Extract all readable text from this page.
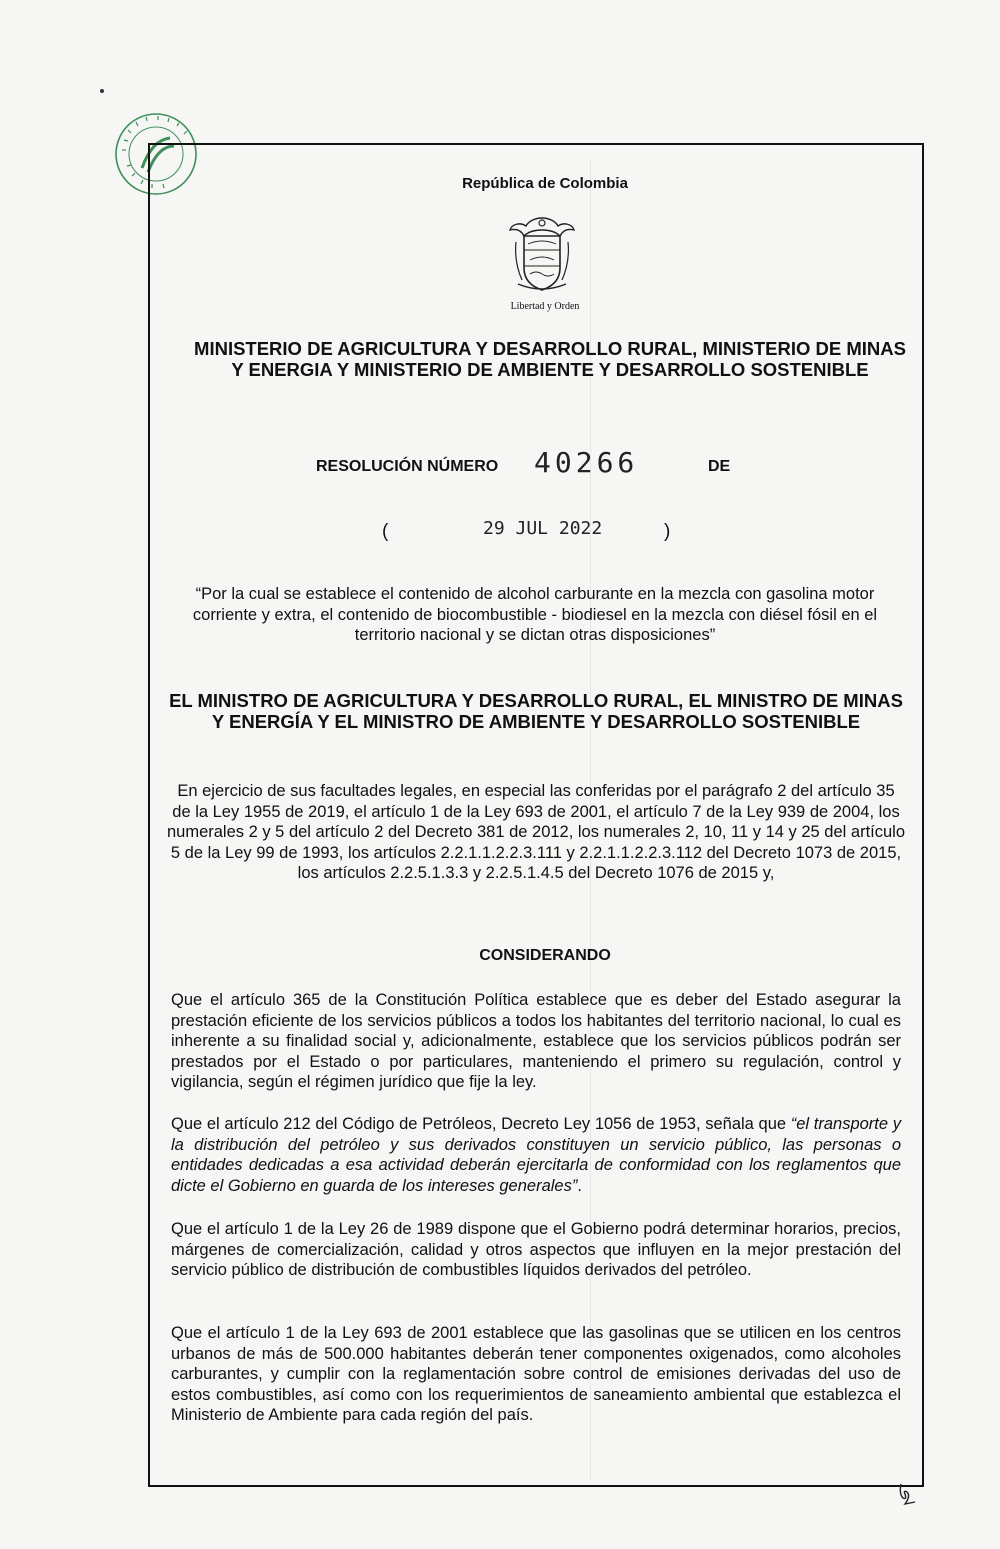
República de Colombia
Libertad y Orden
MINISTERIO DE AGRICULTURA Y DESARROLLO RURAL, MINISTERIO DE MINAS Y ENERGIA Y MINISTERIO DE AMBIENTE Y DESARROLLO SOSTENIBLE
RESOLUCIÓN NÚMERO 40266	DE
(	29 JUL 2022	)
“Por la cual se establece el contenido de alcohol carburante en la mezcla con gasolina motor corriente y extra, el contenido de biocombustible - biodiesel en la mezcla con diésel fósil en el territorio nacional y se dictan otras disposiciones”
EL MINISTRO DE AGRICULTURA Y DESARROLLO RURAL, EL MINISTRO DE MINAS Y ENERGÍA Y EL MINISTRO DE AMBIENTE Y DESARROLLO SOSTENIBLE
En ejercicio de sus facultades legales, en especial las conferidas por el parágrafo 2 del artículo 35 de la Ley 1955 de 2019, el artículo 1 de la Ley 693 de 2001, el artículo 7 de la Ley 939 de 2004, los numerales 2 y 5 del artículo 2 del Decreto 381 de 2012, los numerales 2, 10, 11 y 14 y 25 del artículo 5 de la Ley 99 de 1993, los artículos 2.2.1.1.2.2.3.111 y 2.2.1.1.2.2.3.112 del Decreto 1073 de 2015, los artículos 2.2.5.1.3.3 y 2.2.5.1.4.5 del Decreto 1076 de 2015 y,
CONSIDERANDO
Que el artículo 365 de la Constitución Política establece que es deber del Estado asegurar la prestación eficiente de los servicios públicos a todos los habitantes del territorio nacional, lo cual es inherente a su finalidad social y, adicionalmente, establece que los servicios públicos podrán ser prestados por el Estado o por particulares, manteniendo el primero su regulación, control y vigilancia, según el régimen jurídico que fije la ley.
Que el artículo 212 del Código de Petróleos, Decreto Ley 1056 de 1953, señala que “el transporte y la distribución del petróleo y sus derivados constituyen un servicio público, las personas o entidades dedicadas a esa actividad deberán ejercitarla de conformidad con los reglamentos que dicte el Gobierno en guarda de los intereses generales”.
Que el artículo 1 de la Ley 26 de 1989 dispone que el Gobierno podrá determinar horarios, precios, márgenes de comercialización, calidad y otros aspectos que influyen en la mejor prestación del servicio público de distribución de combustibles líquidos derivados del petróleo.
Que el artículo 1 de la Ley 693 de 2001 establece que las gasolinas que se utilicen en los centros urbanos de más de 500.000 habitantes deberán tener componentes oxigenados, como alcoholes carburantes, y cumplir con la reglamentación sobre control de emisiones derivadas del uso de estos combustibles, así como con los requerimientos de saneamiento ambiental que establezca el Ministerio de Ambiente para cada región del país.
